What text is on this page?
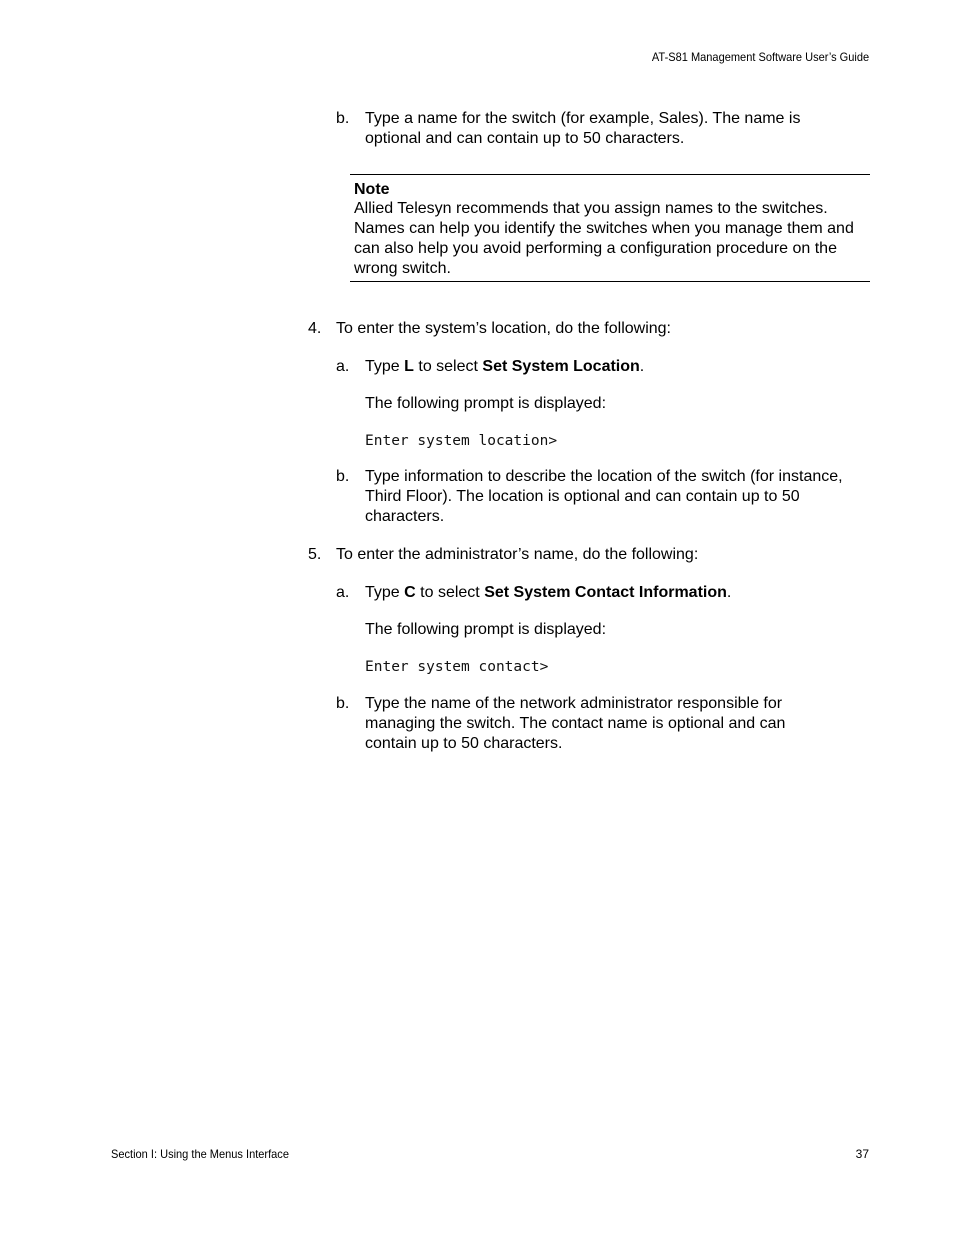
AT-S81 Management Software User’s Guide
b. Type a name for the switch (for example, Sales). The name is optional and can contain up to 50 characters.

Note
Allied Telesyn recommends that you assign names to the switches. Names can help you identify the switches when you manage them and can also help you avoid performing a configuration procedure on the wrong switch.
4. To enter the system’s location, do the following:

a. Type L to select Set System Location.

The following prompt is displayed:

Enter system location>
b. Type information to describe the location of the switch (for instance, Third Floor). The location is optional and can contain up to 50 characters.

5. To enter the administrator’s name, do the following:

a. Type C to select Set System Contact Information.

The following prompt is displayed:

Enter system contact>
b. Type the name of the network administrator responsible for managing the switch. The contact name is optional and can contain up to 50 characters.

Section I: Using the Menus Interface	37
